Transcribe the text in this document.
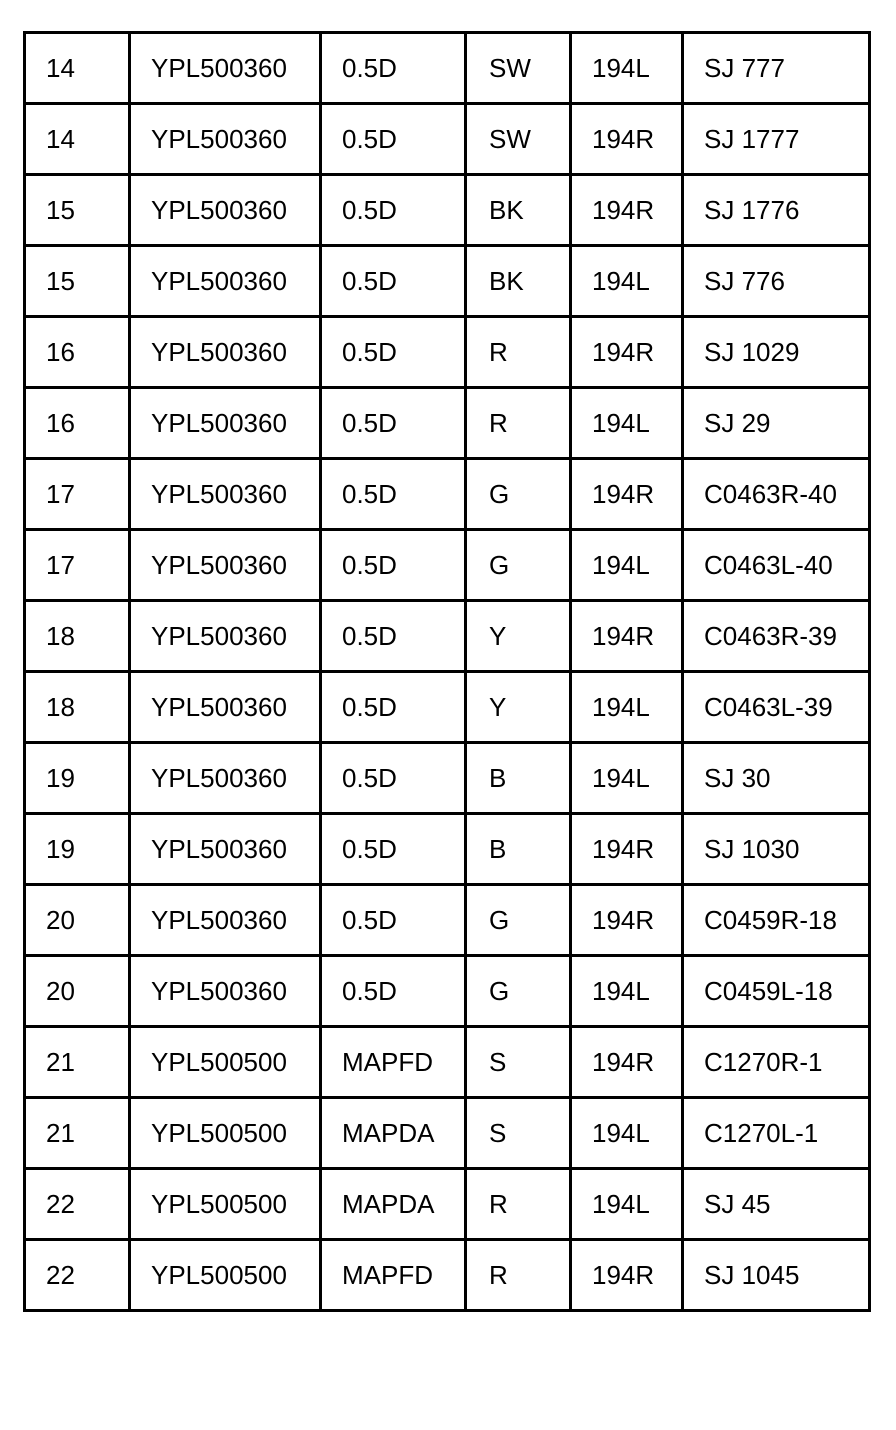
14	YPL500360	0.5D	SW	194L	SJ 777
14	YPL500360	0.5D	SW	194R	SJ 1777
15	YPL500360	0.5D	BK	194R	SJ 1776
15	YPL500360	0.5D	BK	194L	SJ 776
16	YPL500360	0.5D	R	194R	SJ 1029
16	YPL500360	0.5D	R	194L	SJ 29
17	YPL500360	0.5D	G	194R	C0463R-40
17	YPL500360	0.5D	G	194L	C0463L-40
18	YPL500360	0.5D	Y	194R	C0463R-39
18	YPL500360	0.5D	Y	194L	C0463L-39
19	YPL500360	0.5D	B	194L	SJ 30
19	YPL500360	0.5D	B	194R	SJ 1030
20	YPL500360	0.5D	G	194R	C0459R-18
20	YPL500360	0.5D	G	194L	C0459L-18
21	YPL500500	MAPFD	S	194R	C1270R-1
21	YPL500500	MAPDA	S	194L	C1270L-1
22	YPL500500	MAPDA	R	194L	SJ 45
22	YPL500500	MAPFD	R	194R	SJ 1045
